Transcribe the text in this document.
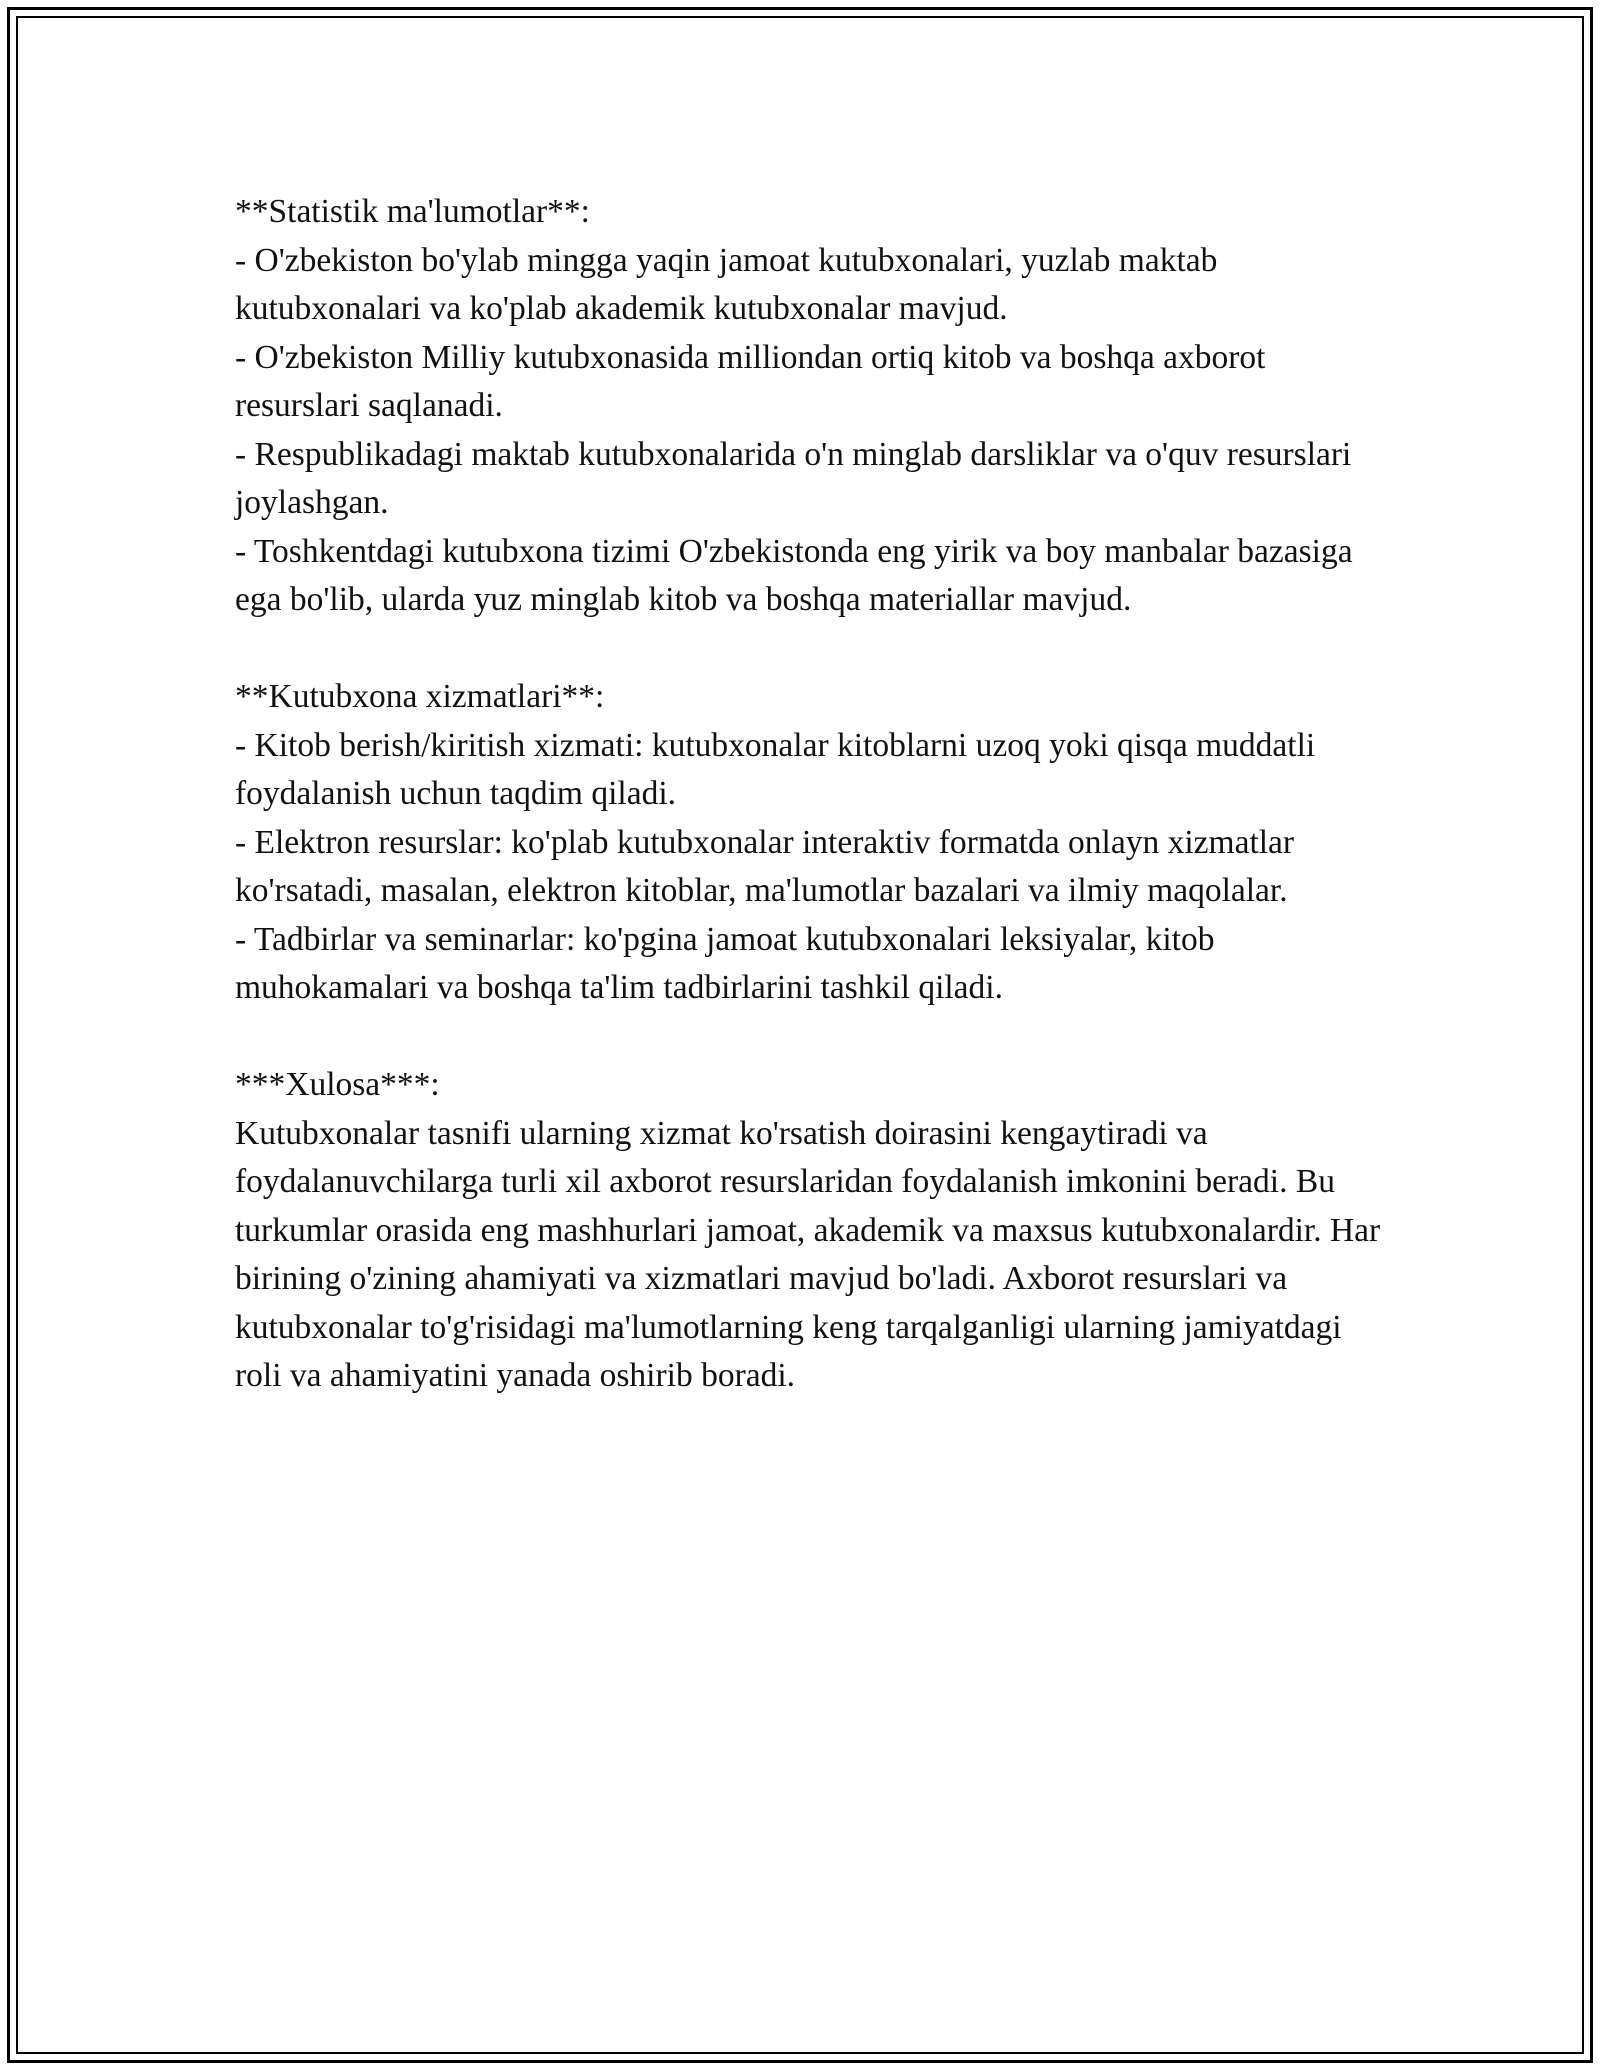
**Statistik ma'lumotlar**:

- O'zbekiston bo'ylab mingga yaqin jamoat kutubxonalari, yuzlab maktab kutubxonalari va ko'plab akademik kutubxonalar mavjud.

- O'zbekiston Milliy kutubxonasida milliondan ortiq kitob va boshqa axborot resurslari saqlanadi.

- Respublikadagi maktab kutubxonalarida o'n minglab darsliklar va o'quv resurslari joylashgan.

- Toshkentdagi kutubxona tizimi O'zbekistonda eng yirik va boy manbalar bazasiga ega bo'lib, ularda yuz minglab kitob va boshqa materiallar mavjud.

**Kutubxona xizmatlari**:

- Kitob berish/kiritish xizmati: kutubxonalar kitoblarni uzoq yoki qisqa muddatli foydalanish uchun taqdim qiladi.

- Elektron resurslar: ko'plab kutubxonalar interaktiv formatda onlayn xizmatlar ko'rsatadi, masalan, elektron kitoblar, ma'lumotlar bazalari va ilmiy maqolalar.

- Tadbirlar va seminarlar: ko'pgina jamoat kutubxonalari leksiyalar, kitob muhokamalari va boshqa ta'lim tadbirlarini tashkil qiladi.

***Xulosa***:

Kutubxonalar tasnifi ularning xizmat ko'rsatish doirasini kengaytiradi va foydalanuvchilarga turli xil axborot resurslaridan foydalanish imkonini beradi. Bu turkumlar orasida eng mashhurlari jamoat, akademik va maxsus kutubxonalardir. Har birining o'zining ahamiyati va xizmatlari mavjud bo'ladi. Axborot resurslari va kutubxonalar to'g'risidagi ma'lumotlarning keng tarqalganligi ularning jamiyatdagi roli va ahamiyatini yanada oshirib boradi.
